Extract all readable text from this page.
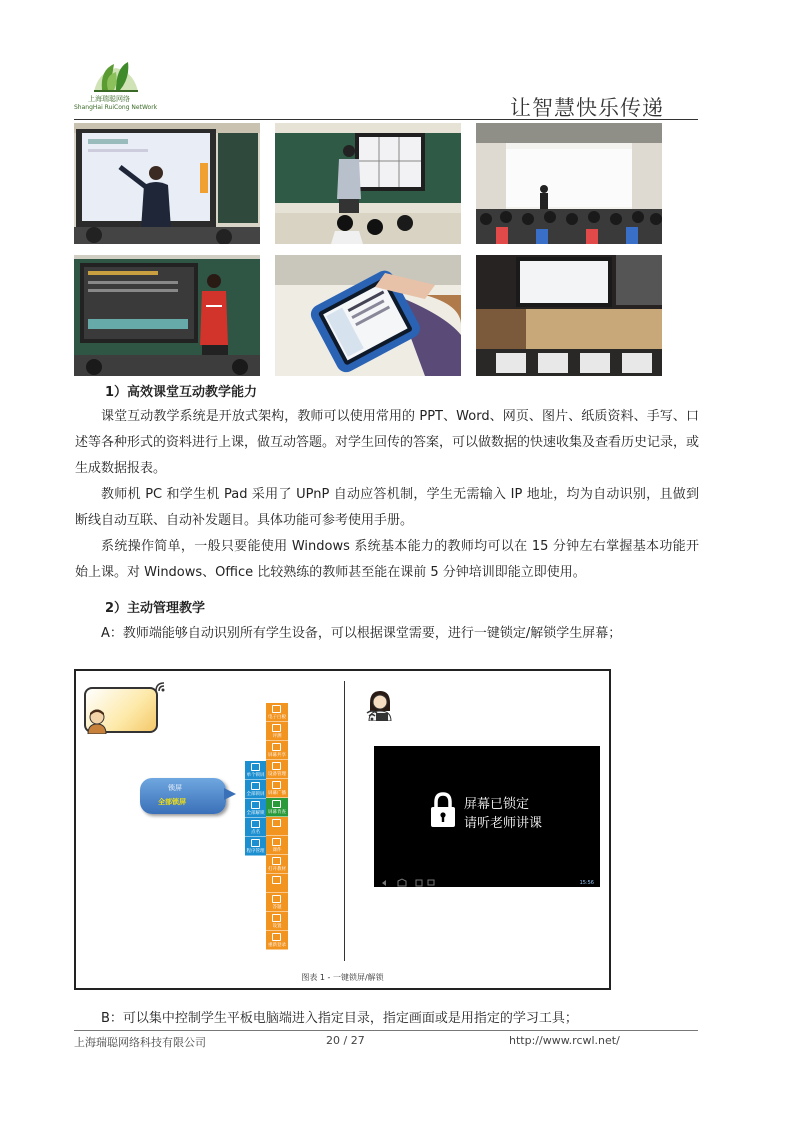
上海瑞聪网络
ShangHai RuiCong NetWork	让智慧快乐传递
1）高效课堂互动教学能力
课堂互动教学系统是开放式架构，教师可以使用常用的 PPT、Word、网页、图片、纸质资料、手写、口述等各种形式的资料进行上课，做互动答题。对学生回传的答案，可以做数据的快速收集及查看历史记录，或生成数据报表。
教师机 PC 和学生机 Pad 采用了 UPnP 自动应答机制，学生无需输入 IP 地址，均为自动识别，且做到断线自动互联、自动补发题目。具体功能可参考使用手册。
系统操作简单，一般只要能使用 Windows 系统基本能力的教师均可以在 15 分钟左右掌握基本功能开始上课。对 Windows、Office 比较熟练的教师甚至能在课前 5 分钟培训即能立即使用。
2）主动管理教学
A：教师端能够自动识别所有学生设备，可以根据课堂需要，进行一键锁定/解锁学生屏幕；
锁屏
全部锁屏
单个锁屏
全部锁屏
全部解锁
点名
程序管理
电子白板
评测
屏幕共享
设备管理
屏幕广播
屏幕肯查
课件
打开教材
答题
设置
重新登录
屏幕已锁定
请听老师讲课
15:56
图表 1 - 一键锁屏/解锁
B：可以集中控制学生平板电脑端进入指定目录，指定画面或是用指定的学习工具；
上海瑞聪网络科技有限公司	20 / 27	http://www.rcwl.net/
